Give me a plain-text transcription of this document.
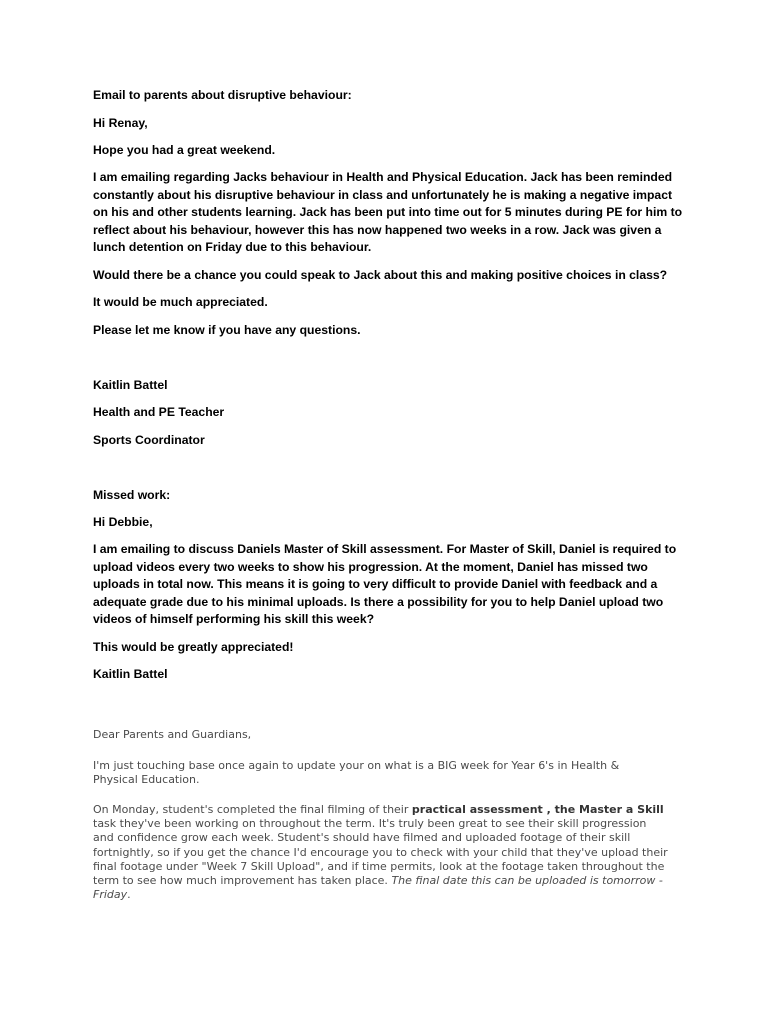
Email to parents about disruptive behaviour:

Hi Renay,

Hope you had a great weekend.

I am emailing regarding Jacks behaviour in Health and Physical Education. Jack has been reminded constantly about his disruptive behaviour in class and unfortunately he is making a negative impact on his and other students learning. Jack has been put into time out for 5 minutes during PE for him to reflect about his behaviour, however this has now happened two weeks in a row. Jack was given a lunch detention on Friday due to this behaviour.

Would there be a chance you could speak to Jack about this and making positive choices in class?

It would be much appreciated.

Please let me know if you have any questions.

Kaitlin Battel

Health and PE Teacher

Sports Coordinator

Missed work:

Hi Debbie,

I am emailing to discuss Daniels Master of Skill assessment. For Master of Skill, Daniel is required to upload videos every two weeks to show his progression. At the moment, Daniel has missed two uploads in total now. This means it is going to very difficult to provide Daniel with feedback and a adequate grade due to his minimal uploads. Is there a possibility for you to help Daniel upload two videos of himself performing his skill this week?

This would be greatly appreciated!

Kaitlin Battel

Dear Parents and Guardians,

I'm just touching base once again to update your on what is a BIG week for Year 6's in Health & Physical Education.

On Monday, student's completed the final filming of their practical assessment , the Master a Skill task they've been working on throughout the term. It's truly been great to see their skill progression and confidence grow each week. Student's should have filmed and uploaded footage of their skill fortnightly, so if you get the chance I'd encourage you to check with your child that they've upload their final footage under "Week 7 Skill Upload", and if time permits, look at the footage taken throughout the term to see how much improvement has taken place. The final date this can be uploaded is tomorrow - Friday.
